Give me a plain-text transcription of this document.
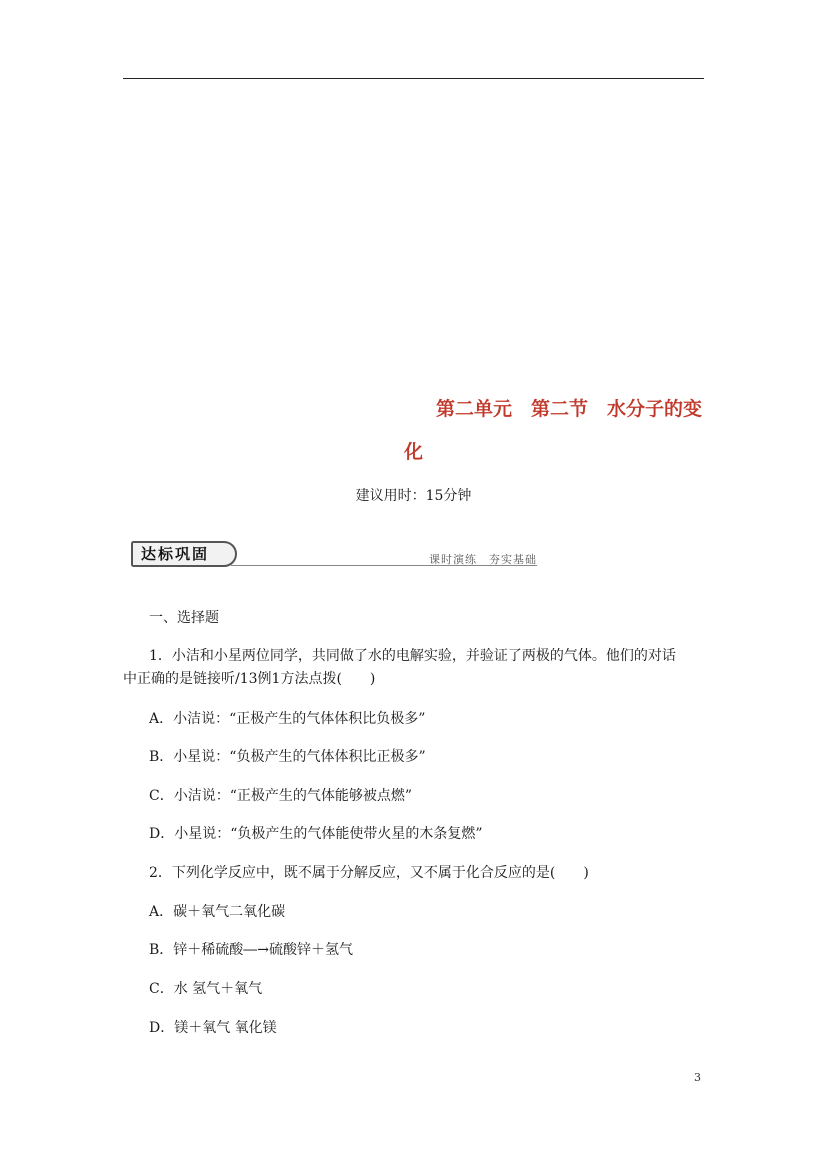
第二单元　第二节　水分子的变
化
建议用时：15分钟
达标巩固	课时演练　夯实基础
一、选择题
1．小洁和小星两位同学，共同做了水的电解实验，并验证了两极的气体。他们的对话
中正确的是链接听/13例1方法点拨(　　)
A．小洁说：“正极产生的气体体积比负极多”
B．小星说：“负极产生的气体体积比正极多”
C．小洁说：“正极产生的气体能够被点燃”
D．小星说：“负极产生的气体能使带火星的木条复燃”
2．下列化学反应中，既不属于分解反应，又不属于化合反应的是(　　)
A．碳＋氧气二氧化碳
B．锌＋稀硫酸―→硫酸锌＋氢气
C．水 氢气＋氧气
D．镁＋氧气 氧化镁
3
